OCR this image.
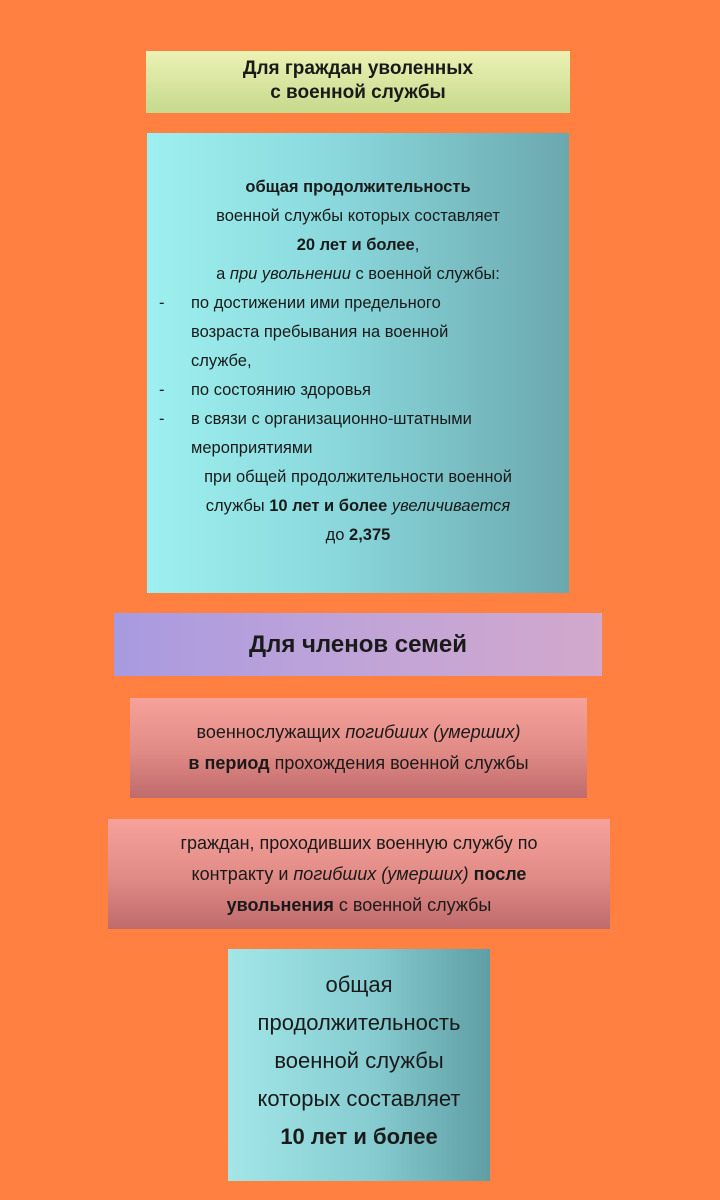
Для граждан уволенных
с военной службы
общая продолжительность
военной службы которых составляет
20 лет и более,
а при увольнении с военной службы:
- по достижении ими предельного
возраста пребывания на военной
службе,
- по состоянию здоровья
- в связи с организационно-штатными
мероприятиями
при общей продолжительности военной
службы 10 лет и более увеличивается
до 2,375
Для членов семей
военнослужащих погибших (умерших)
в период прохождения военной службы
граждан, проходивших военную службу по
контракту и погибших (умерших) после
увольнения с военной службы
общая
продолжительность
военной службы
которых составляет
10 лет и более
